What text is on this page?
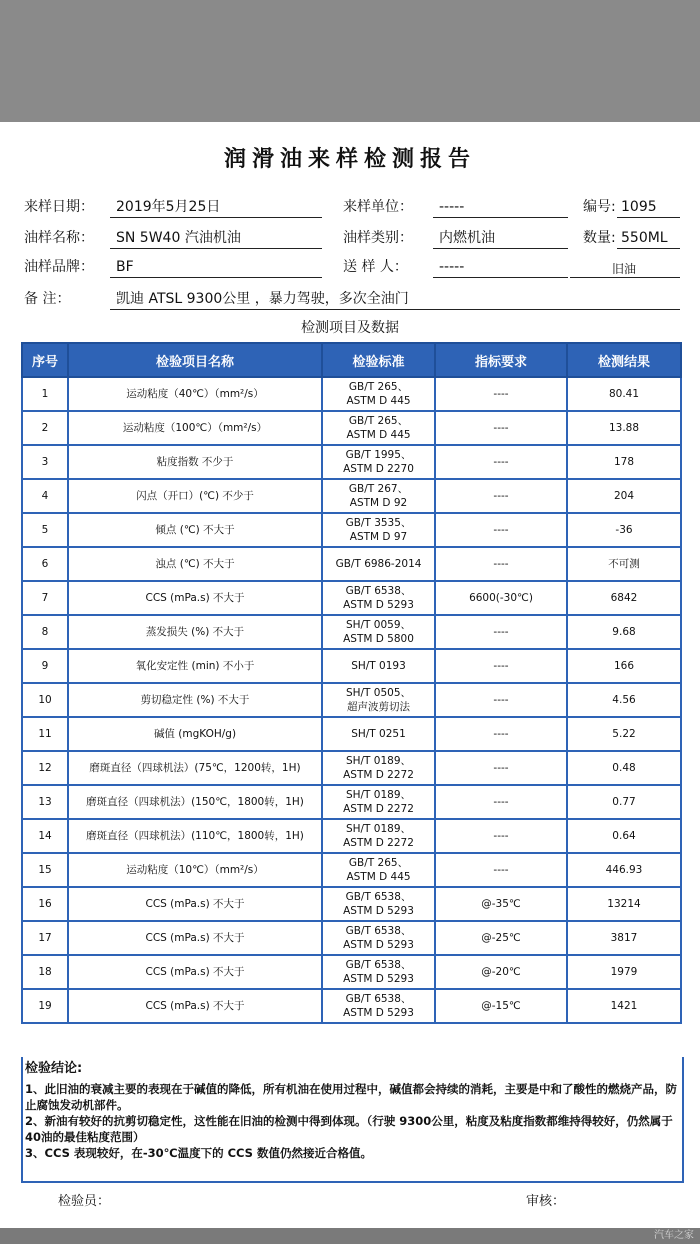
汽车之家
润滑油来样检测报告
来样日期： 2019年5月25日	来样单位： -----	编号: 1095
油样名称： SN 5W40 汽油机油	油样类别： 内燃机油	数量: 550ML
油样品牌： BF	送 样 人： -----	旧油
备 注：	凯迪 ATSL 9300公里 ，暴力驾驶，多次全油门
检测项目及数据
序号	检验项目名称	检验标准	指标要求	检测结果
1	运动粘度（40℃）（mm²/s）	GB/T 265、
ASTM D 445	----	80.41
2	运动粘度（100℃）（mm²/s）	GB/T 265、
ASTM D 445	----	13.88
3	粘度指数 不少于	GB/T 1995、
ASTM D 2270	----	178
4	闪点（开口）(℃) 不少于	GB/T 267、
ASTM D 92	----	204
5	倾点 (℃) 不大于	GB/T 3535、
ASTM D 97	----	-36
6	浊点 (℃) 不大于	GB/T 6986-2014	----	不可测
7	CCS (mPa.s) 不大于	GB/T 6538、
ASTM D 5293	6600(-30℃)	6842
8	蒸发损失 (%) 不大于	SH/T 0059、
ASTM D 5800	----	9.68
9	氧化安定性 (min) 不小于	SH/T 0193	----	166
10	剪切稳定性 (%) 不大于	SH/T 0505、
超声波剪切法	----	4.56
11	碱值 (mgKOH/g)	SH/T 0251	----	5.22
12	磨斑直径（四球机法）(75℃，1200转，1H)	SH/T 0189、
ASTM D 2272	----	0.48
13	磨斑直径（四球机法）(150℃，1800转，1H)	SH/T 0189、
ASTM D 2272	----	0.77
14	磨斑直径（四球机法）(110℃，1800转，1H)	SH/T 0189、
ASTM D 2272	----	0.64
15	运动粘度（10℃）（mm²/s）	GB/T 265、
ASTM D 445	----	446.93
16	CCS (mPa.s) 不大于	GB/T 6538、
ASTM D 5293	@-35℃	13214
17	CCS (mPa.s) 不大于	GB/T 6538、
ASTM D 5293	@-25℃	3817
18	CCS (mPa.s) 不大于	GB/T 6538、
ASTM D 5293	@-20℃	1979
19	CCS (mPa.s) 不大于	GB/T 6538、
ASTM D 5293	@-15℃	1421
检验结论:

1、此旧油的衰减主要的表现在于碱值的降低，所有机油在使用过程中，碱值都会持续的消耗，主要是中和了酸性的燃烧产品，防止腐蚀发动机部件。

2、新油有较好的抗剪切稳定性，这性能在旧油的检测中得到体现。（行驶 9300公里，粘度及粘度指数都维持得较好，仍然属于40油的最佳粘度范围）

3、CCS 表现较好，在-30℃温度下的 CCS 数值仍然接近合格值。

检验员：	审核：
